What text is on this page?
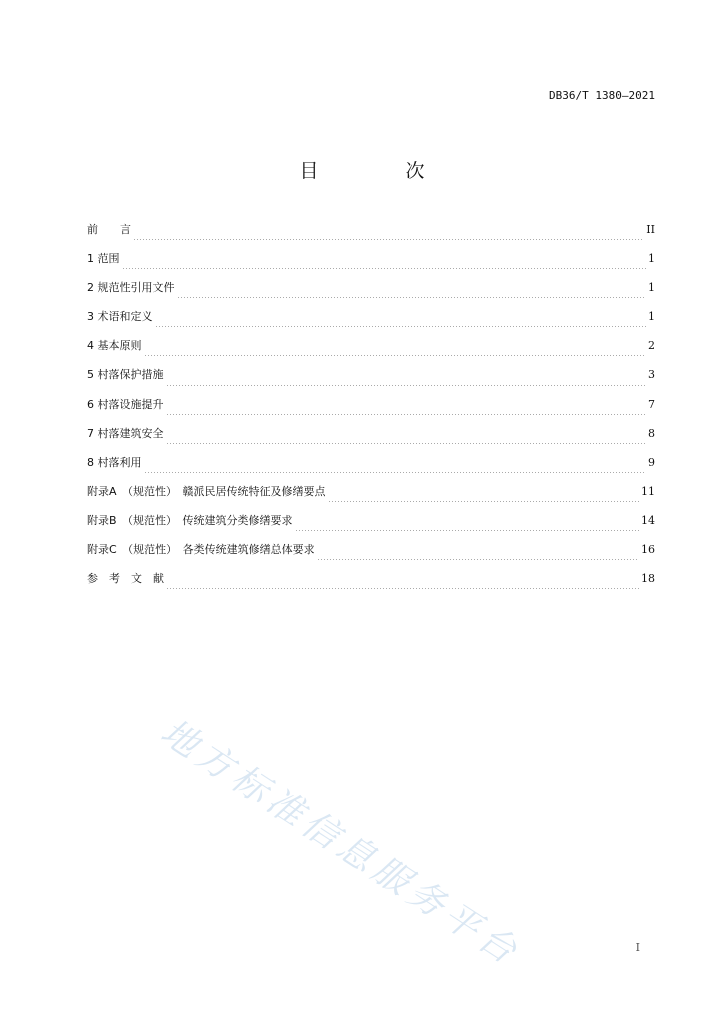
DB36/T 1380—2021
目　次
前　　言	II
1 范围	1
2 规范性引用文件	1
3 术语和定义	1
4 基本原则	2
5 村落保护措施	3
6 村落设施提升	7
7 村落建筑安全	8
8 村落利用	9
附录A　（规范性）　赣派民居传统特征及修缮要点	11
附录B　（规范性）　传统建筑分类修缮要求	14
附录C　（规范性）　各类传统建筑修缮总体要求	16
参　考　文　献	18
地方标准信息服务平台	I
